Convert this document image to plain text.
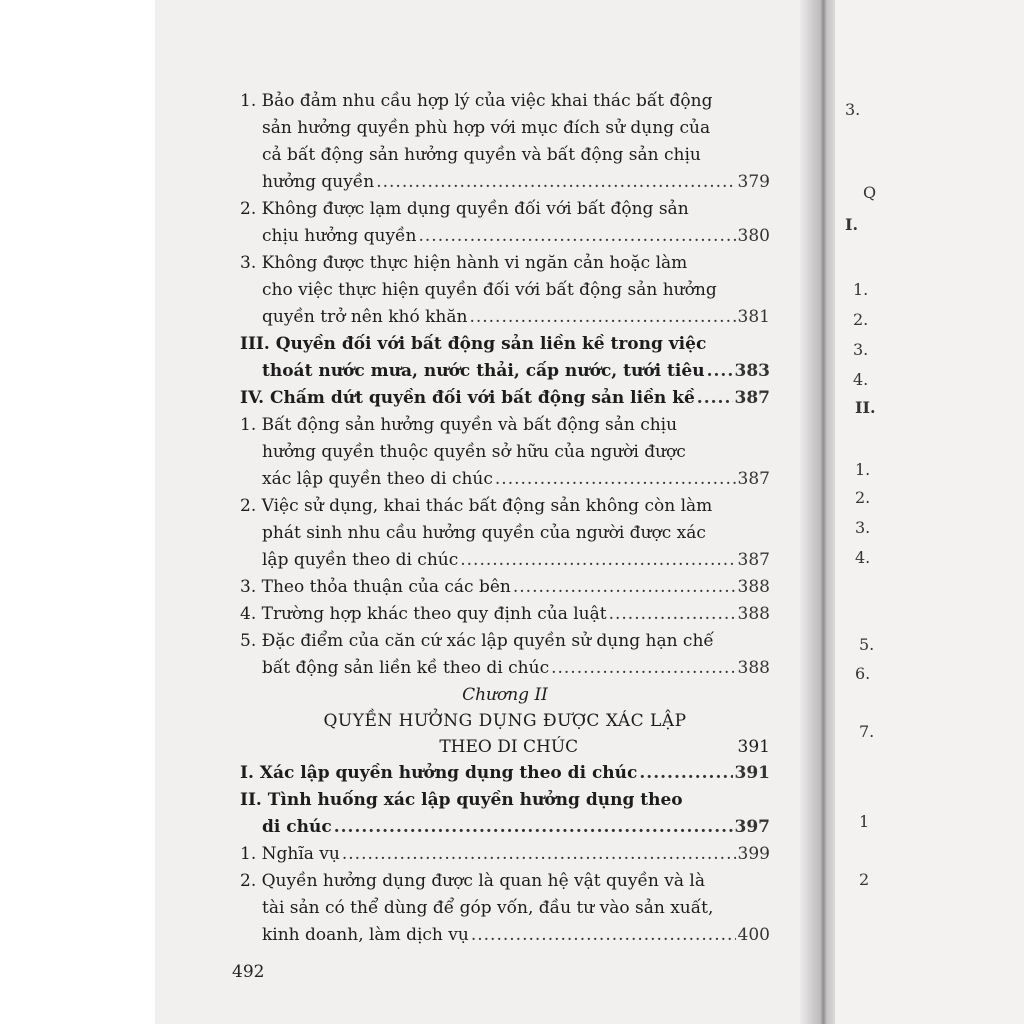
1. Bảo đảm nhu cầu hợp lý của việc khai thác bất động
sản hưởng quyền phù hợp với mục đích sử dụng của
cả bất động sản hưởng quyền và bất động sản chịu
hưởng quyền .....	379
2. Không được lạm dụng quyền đối với bất động sản
chịu hưởng quyền .....	380
3. Không được thực hiện hành vi ngăn cản hoặc làm
cho việc thực hiện quyền đối với bất động sản hưởng
quyền trở nên khó khăn .....	381
III. Quyền đối với bất động sản liền kề trong việc
thoát nước mưa, nước thải, cấp nước, tưới tiêu ..... 383
IV. Chấm dứt quyền đối với bất động sản liền kề ..... 387
1. Bất động sản hưởng quyền và bất động sản chịu
hưởng quyền thuộc quyền sở hữu của người được
xác lập quyền theo di chúc .....	387
2. Việc sử dụng, khai thác bất động sản không còn làm
phát sinh nhu cầu hưởng quyền của người được xác
lập quyền theo di chúc .....	387
3. Theo thỏa thuận của các bên .....	388
4. Trường hợp khác theo quy định của luật .....	388
5. Đặc điểm của căn cứ xác lập quyền sử dụng hạn chế
bất động sản liền kề theo di chúc .....	388
Chương II
QUYỀN HƯỞNG DỤNG ĐƯỢC XÁC LẬP
THEO DI CHÚC	391
I. Xác lập quyền hưởng dụng theo di chúc .....	391
II. Tình huống xác lập quyền hưởng dụng theo
di chúc .....	397
1. Nghĩa vụ .....	399
2. Quyền hưởng dụng được là quan hệ vật quyền và là
tài sản có thể dùng để góp vốn, đầu tư vào sản xuất,
kinh doanh, làm dịch vụ .....	400
492
3.
Q
I.
1.
2.
3.
4.
II.
1.
2.
3.
4.
5.
6.
7.
1
2
